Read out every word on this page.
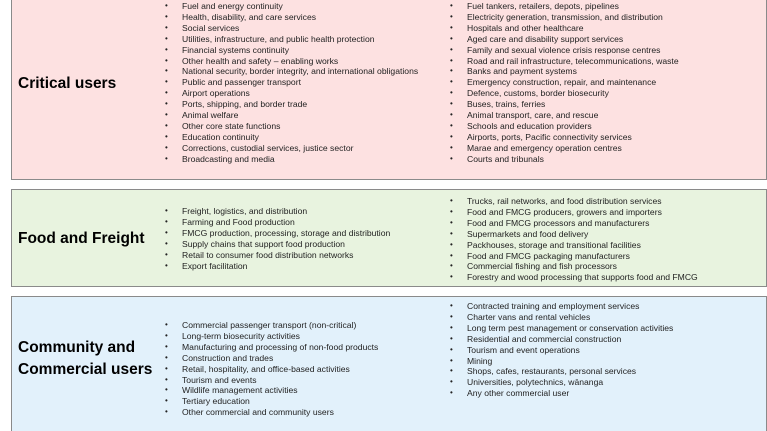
Critical users
• Fuel and energy continuity
• Health, disability, and care services
• Social services
• Utilities, infrastructure, and public health protection
• Financial systems continuity
• Other health and safety – enabling works
• National security, border integrity, and international obligations
• Public and passenger transport
• Airport operations
• Ports, shipping, and border trade
• Animal welfare
• Other core state functions
• Education continuity
• Corrections, custodial services, justice sector
• Broadcasting and media
• Fuel tankers, retailers, depots, pipelines
• Electricity generation, transmission, and distribution
• Hospitals and other healthcare
• Aged care and disability support services
• Family and sexual violence crisis response centres
• Road and rail infrastructure, telecommunications, waste
• Banks and payment systems
• Emergency construction, repair, and maintenance
• Defence, customs, border biosecurity
• Buses, trains, ferries
• Animal transport, care, and rescue
• Schools and education providers
• Airports, ports, Pacific connectivity services
• Marae and emergency operation centres
• Courts and tribunals
Food and Freight
• Freight, logistics, and distribution
• Farming and Food production
• FMCG production, processing, storage and distribution
• Supply chains that support food production
• Retail to consumer food distribution networks
• Export facilitation
• Trucks, rail networks, and food distribution services
• Food and FMCG producers, growers and importers
• Food and FMCG processors and manufacturers
• Supermarkets and food delivery
• Packhouses, storage and transitional facilities
• Food and FMCG packaging manufacturers
• Commercial fishing and fish processors
• Forestry and wood processing that supports food and FMCG
Community and Commercial users
• Commercial passenger transport (non-critical)
• Long-term biosecurity activities
• Manufacturing and processing of non-food products
• Construction and trades
• Retail, hospitality, and office-based activities
• Tourism and events
• Wildlife management activities
• Tertiary education
• Other commercial and community users
• Contracted training and employment services
• Charter vans and rental vehicles
• Long term pest management or conservation activities
• Residential and commercial construction
• Tourism and event operations
• Mining
• Shops, cafes, restaurants, personal services
• Universities, polytechnics, wānanga
• Any other commercial user
